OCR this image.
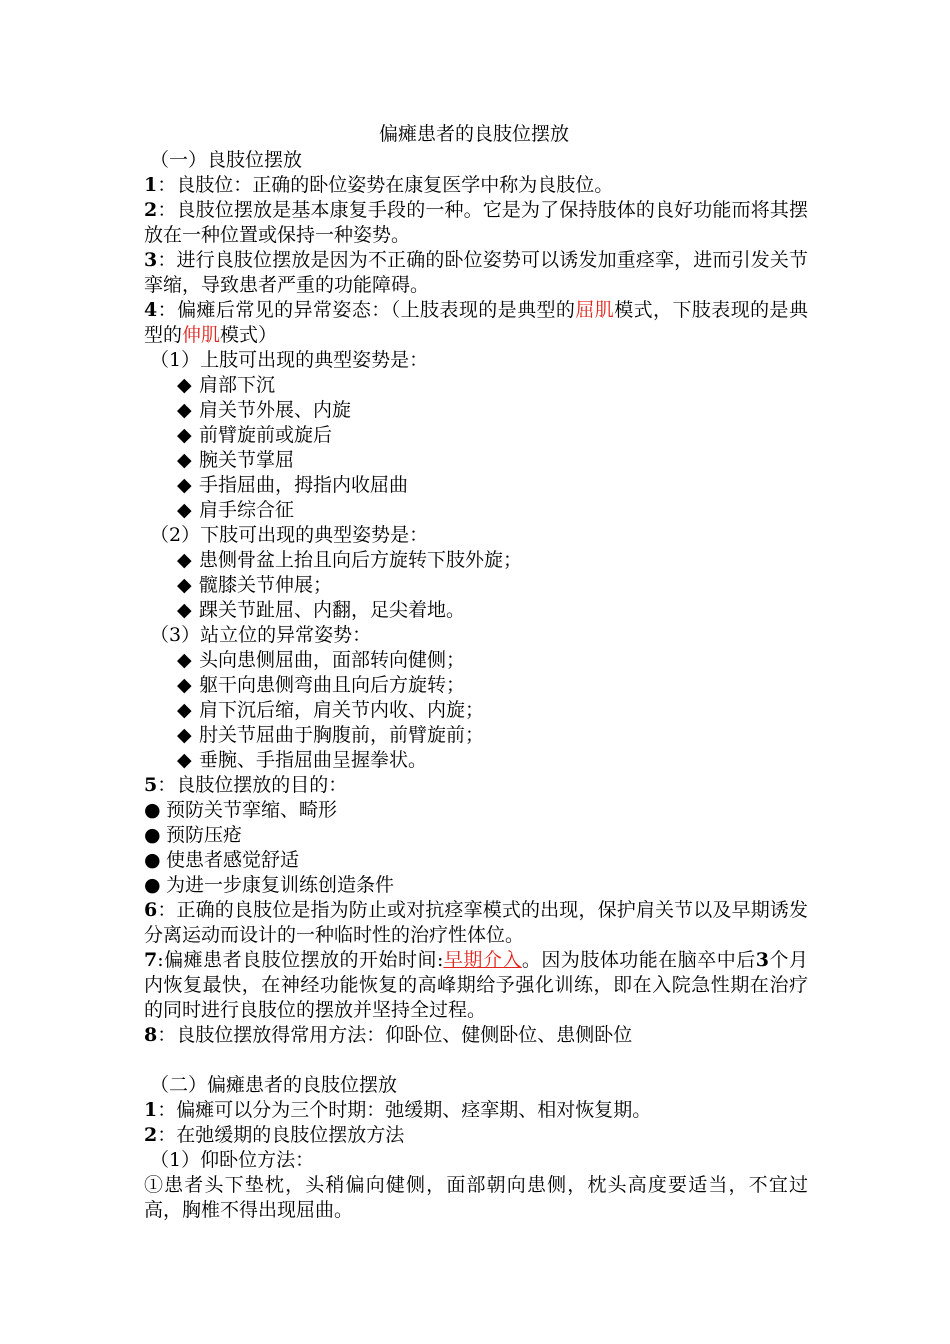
偏瘫患者的良肢位摆放
（一）良肢位摆放
1：良肢位：正确的卧位姿势在康复医学中称为良肢位。
2：良肢位摆放是基本康复手段的一种。它是为了保持肢体的良好功能而将其摆放在一种位置或保持一种姿势。
3：进行良肢位摆放是因为不正确的卧位姿势可以诱发加重痉挛，进而引发关节挛缩，导致患者严重的功能障碍。
4：偏瘫后常见的异常姿态：（上肢表现的是典型的屈肌模式，下肢表现的是典型的伸肌模式）
（1）上肢可出现的典型姿势是：
◆ 肩部下沉
◆ 肩关节外展、内旋
◆ 前臂旋前或旋后
◆ 腕关节掌屈
◆ 手指屈曲，拇指内收屈曲
◆ 肩手综合征
（2）下肢可出现的典型姿势是：
◆ 患侧骨盆上抬且向后方旋转下肢外旋；
◆ 髋膝关节伸展；
◆ 踝关节趾屈、内翻，足尖着地。
（3）站立位的异常姿势：
◆ 头向患侧屈曲，面部转向健侧；
◆ 躯干向患侧弯曲且向后方旋转；
◆ 肩下沉后缩，肩关节内收、内旋；
◆ 肘关节屈曲于胸腹前，前臂旋前；
◆ 垂腕、手指屈曲呈握拳状。
5：良肢位摆放的目的：
● 预防关节挛缩、畸形
● 预防压疮
● 使患者感觉舒适
● 为进一步康复训练创造条件
6：正确的良肢位是指为防止或对抗痉挛模式的出现，保护肩关节以及早期诱发分离运动而设计的一种临时性的治疗性体位。
7:偏瘫患者良肢位摆放的开始时间:早期介入。因为肢体功能在脑卒中后3个月内恢复最快，在神经功能恢复的高峰期给予强化训练，即在入院急性期在治疗的同时进行良肢位的摆放并坚持全过程。
8：良肢位摆放得常用方法：仰卧位、健侧卧位、患侧卧位
（二）偏瘫患者的良肢位摆放
1：偏瘫可以分为三个时期：弛缓期、痉挛期、相对恢复期。
2：在弛缓期的良肢位摆放方法
（1）仰卧位方法：
①患者头下垫枕，头稍偏向健侧，面部朝向患侧，枕头高度要适当，不宜过高，胸椎不得出现屈曲。
